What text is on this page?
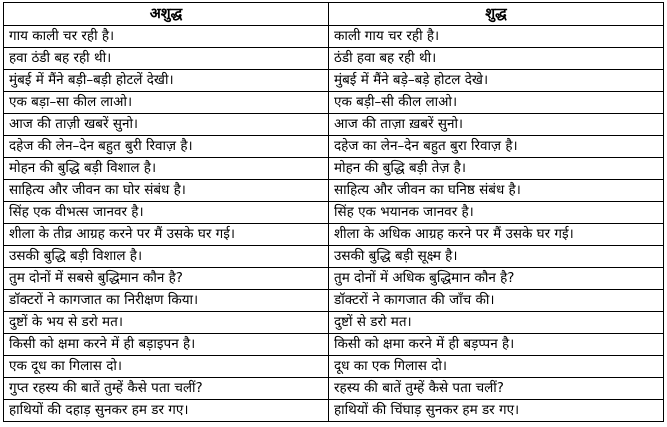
अशुद्ध	शुद्ध
गाय काली चर रही है।	काली गाय चर रही है।
हवा ठंडी बह रही थी।	ठंडी हवा बह रही थी।
मुंबई में मैंने बड़ी–बड़ी होटलें देखी।	मुंबई में मैंने बड़े–बड़े होटल देखे।
एक बड़ा–सा कील लाओ।	एक बड़ी–सी कील लाओ।
आज की ताज़ी खबरें सुनो।	आज की ताज़ा ख़बरें सुनो।
दहेज की लेन–देन बहुत बुरी रिवाज़ है।	दहेज का लेन–देन बहुत बुरा रिवाज़ है।
मोहन की बुद्धि बड़ी विशाल है।	मोहन की बुद्धि बड़ी तेज़ है।
साहित्य और जीवन का घोर संबंध है।	साहित्य और जीवन का घनिष्ठ संबंध है।
सिंह एक वीभत्स जानवर है।	सिंह एक भयानक जानवर है।
शीला के तीव्र आग्रह करने पर मैं उसके घर गई।	शीला के अधिक आग्रह करने पर मैं उसके घर गई।
उसकी बुद्धि बड़ी विशाल है।	उसकी बुद्धि बड़ी सूक्ष्म है।
तुम दोनों में सबसे बुद्धिमान कौन है?	तुम दोनों में अधिक बुद्धिमान कौन है?
डॉक्टरों ने कागजात का निरीक्षण किया।	डॉक्टरों ने कागजात की जाँच की।
दुष्टों के भय से डरो मत।	दुष्टों से डरो मत।
किसी को क्षमा करने में ही बड़ाइपन है।	किसी को क्षमा करने में ही बड़प्पन है।
एक दूध का गिलास दो।	दूध का एक गिलास दो।
गुप्त रहस्य की बातें तुम्हें कैसे पता चलीं?	रहस्य की बातें तुम्हें कैसे पता चलीं?
हाथियों की दहाड़ सुनकर हम डर गए।	हाथियों की चिंघाड़ सुनकर हम डर गए।
